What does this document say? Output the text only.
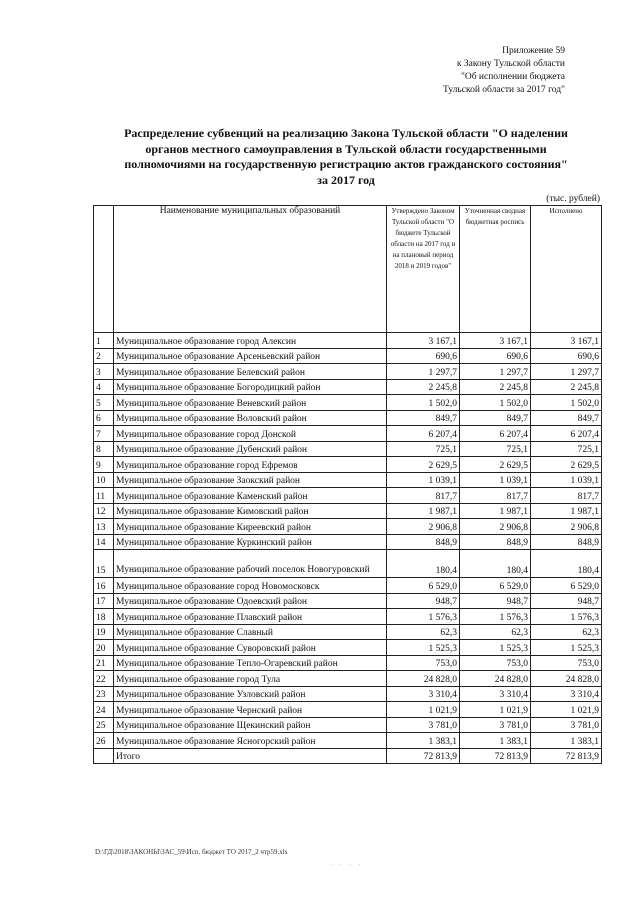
Приложение 59
к Закону Тульской области
"Об исполнении бюджета
Тульской области за 2017 год"
Распределение субвенций на реализацию Закона Тульской области "О наделении
органов местного самоуправления в Тульской области государственными
полномочиями на государственную регистрацию актов гражданского состояния"
за 2017 год
(тыс. рублей)
	Наименование муниципальных образований	Утверждено Законом Тульской области "О бюджете Тульской области на 2017 год и на плановый период 2018 и 2019 годов"	Уточненная сводная бюджетная роспись	Исполнено
1	Муниципальное образование город Алексин	3 167,1	3 167,1	3 167,1
2	Муниципальное образование Арсеньевский район	690,6	690,6	690,6
3	Муниципальное образование Белевский район	1 297,7	1 297,7	1 297,7
4	Муниципальное образование Богородицкий район	2 245,8	2 245,8	2 245,8
5	Муниципальное образование Веневский район	1 502,0	1 502,0	1 502,0
6	Муниципальное образование Воловский район	849,7	849,7	849,7
7	Муниципальное образование город Донской	6 207,4	6 207,4	6 207,4
8	Муниципальное образование Дубенский район	725,1	725,1	725,1
9	Муниципальное образование город Ефремов	2 629,5	2 629,5	2 629,5
10	Муниципальное образование Заокский район	1 039,1	1 039,1	1 039,1
11	Муниципальное образование Каменский район	817,7	817,7	817,7
12	Муниципальное образование Кимовский район	1 987,1	1 987,1	1 987,1
13	Муниципальное образование Киреевский район	2 906,8	2 906,8	2 906,8
14	Муниципальное образование Куркинский район	848,9	848,9	848,9
15	Муниципальное образование рабочий поселок Новогуровский	180,4	180,4	180,4
16	Муниципальное образование город Новомосковск	6 529,0	6 529,0	6 529,0
17	Муниципальное образование Одоевский район	948,7	948,7	948,7
18	Муниципальное образование Плавский район	1 576,3	1 576,3	1 576,3
19	Муниципальное образование Славный	62,3	62,3	62,3
20	Муниципальное образование Суворовский район	1 525,3	1 525,3	1 525,3
21	Муниципальное образование Тепло-Огаревский район	753,0	753,0	753,0
22	Муниципальное образование город Тула	24 828,0	24 828,0	24 828,0
23	Муниципальное образование Узловский район	3 310,4	3 310,4	3 310,4
24	Муниципальное образование Чернский район	1 021,9	1 021,9	1 021,9
25	Муниципальное образование Щекинский район	3 781,0	3 781,0	3 781,0
26	Муниципальное образование Ясногорский район	1 383,1	1 383,1	1 383,1
	Итого	72 813,9	72 813,9	72 813,9
D:\ГД\2018\ЗАКОНЫ\ЗАС_59\Исп. бюджет ТО 2017_2 чтр59.xls
· · · ·
